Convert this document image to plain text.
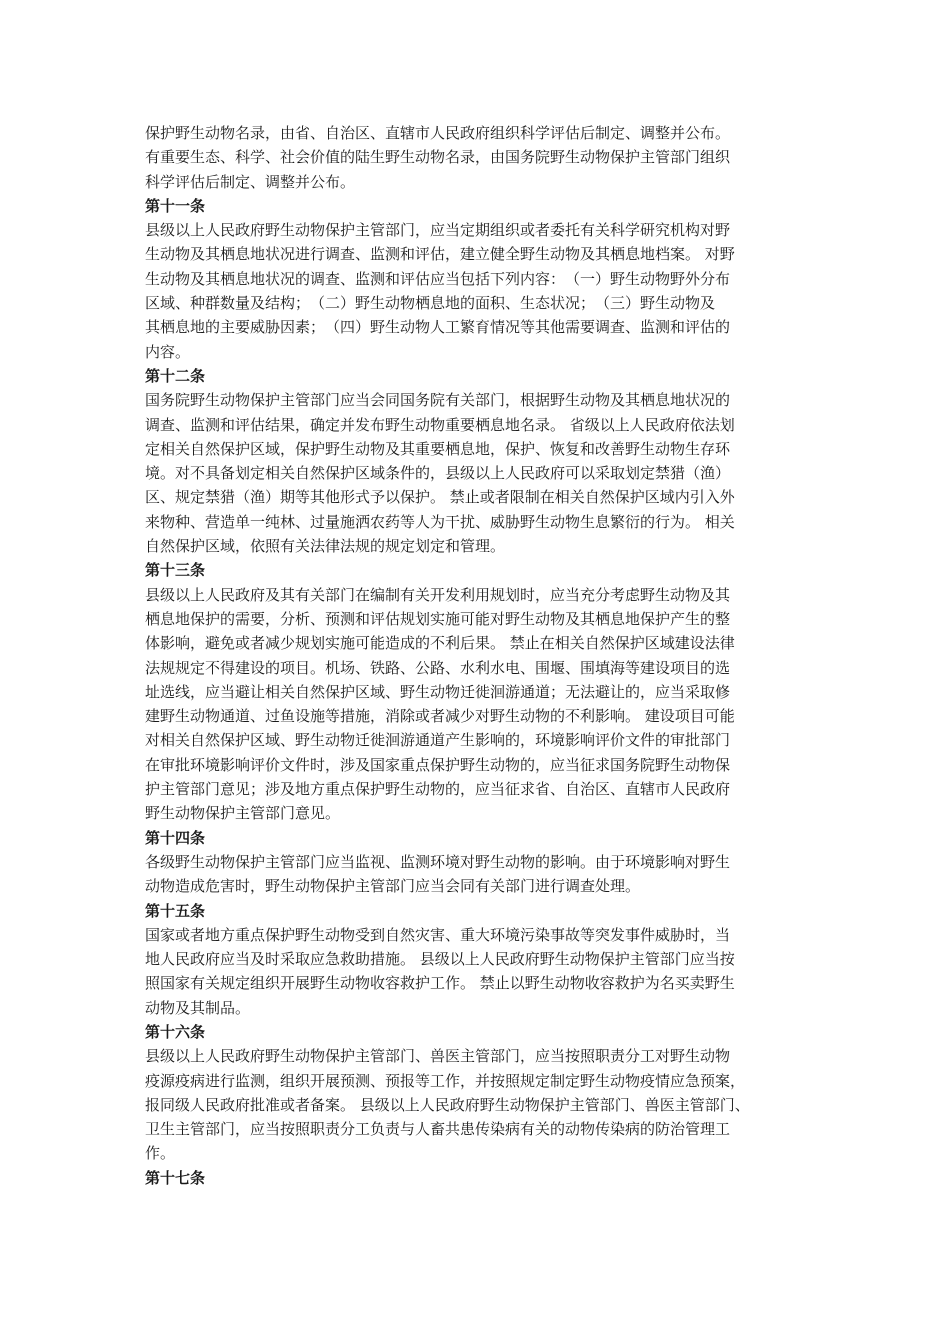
保护野生动物名录，由省、自治区、直辖市人民政府组织科学评估后制定、调整并公布。
有重要生态、科学、社会价值的陆生野生动物名录，由国务院野生动物保护主管部门组织
科学评估后制定、调整并公布。
第十一条
县级以上人民政府野生动物保护主管部门，应当定期组织或者委托有关科学研究机构对野
生动物及其栖息地状况进行调查、监测和评估，建立健全野生动物及其栖息地档案。 对野
生动物及其栖息地状况的调查、监测和评估应当包括下列内容：　（一）野生动物野外分布
区域、种群数量及结构；　（二）野生动物栖息地的面积、生态状况；　（三）野生动物及
其栖息地的主要威胁因素；　（四）野生动物人工繁育情况等其他需要调查、监测和评估的
内容。
第十二条
国务院野生动物保护主管部门应当会同国务院有关部门，根据野生动物及其栖息地状况的
调查、监测和评估结果，确定并发布野生动物重要栖息地名录。 省级以上人民政府依法划
定相关自然保护区域，保护野生动物及其重要栖息地，保护、恢复和改善野生动物生存环
境。对不具备划定相关自然保护区域条件的，县级以上人民政府可以采取划定禁猎（渔）
区、规定禁猎（渔）期等其他形式予以保护。 禁止或者限制在相关自然保护区域内引入外
来物种、营造单一纯林、过量施洒农药等人为干扰、威胁野生动物生息繁衍的行为。 相关
自然保护区域，依照有关法律法规的规定划定和管理。
第十三条
县级以上人民政府及其有关部门在编制有关开发利用规划时，应当充分考虑野生动物及其
栖息地保护的需要，分析、预测和评估规划实施可能对野生动物及其栖息地保护产生的整
体影响，避免或者减少规划实施可能造成的不利后果。 禁止在相关自然保护区域建设法律
法规规定不得建设的项目。机场、铁路、公路、水利水电、围堰、围填海等建设项目的选
址选线，应当避让相关自然保护区域、野生动物迁徙洄游通道；无法避让的，应当采取修
建野生动物通道、过鱼设施等措施，消除或者减少对野生动物的不利影响。 建设项目可能
对相关自然保护区域、野生动物迁徙洄游通道产生影响的，环境影响评价文件的审批部门
在审批环境影响评价文件时，涉及国家重点保护野生动物的，应当征求国务院野生动物保
护主管部门意见；涉及地方重点保护野生动物的，应当征求省、自治区、直辖市人民政府
野生动物保护主管部门意见。
第十四条
各级野生动物保护主管部门应当监视、监测环境对野生动物的影响。由于环境影响对野生
动物造成危害时，野生动物保护主管部门应当会同有关部门进行调查处理。
第十五条
国家或者地方重点保护野生动物受到自然灾害、重大环境污染事故等突发事件威胁时，当
地人民政府应当及时采取应急救助措施。 县级以上人民政府野生动物保护主管部门应当按
照国家有关规定组织开展野生动物收容救护工作。 禁止以野生动物收容救护为名买卖野生
动物及其制品。
第十六条
县级以上人民政府野生动物保护主管部门、兽医主管部门，应当按照职责分工对野生动物
疫源疫病进行监测，组织开展预测、预报等工作，并按照规定制定野生动物疫情应急预案，
报同级人民政府批准或者备案。 县级以上人民政府野生动物保护主管部门、兽医主管部门、
卫生主管部门，应当按照职责分工负责与人畜共患传染病有关的动物传染病的防治管理工
作。
第十七条
